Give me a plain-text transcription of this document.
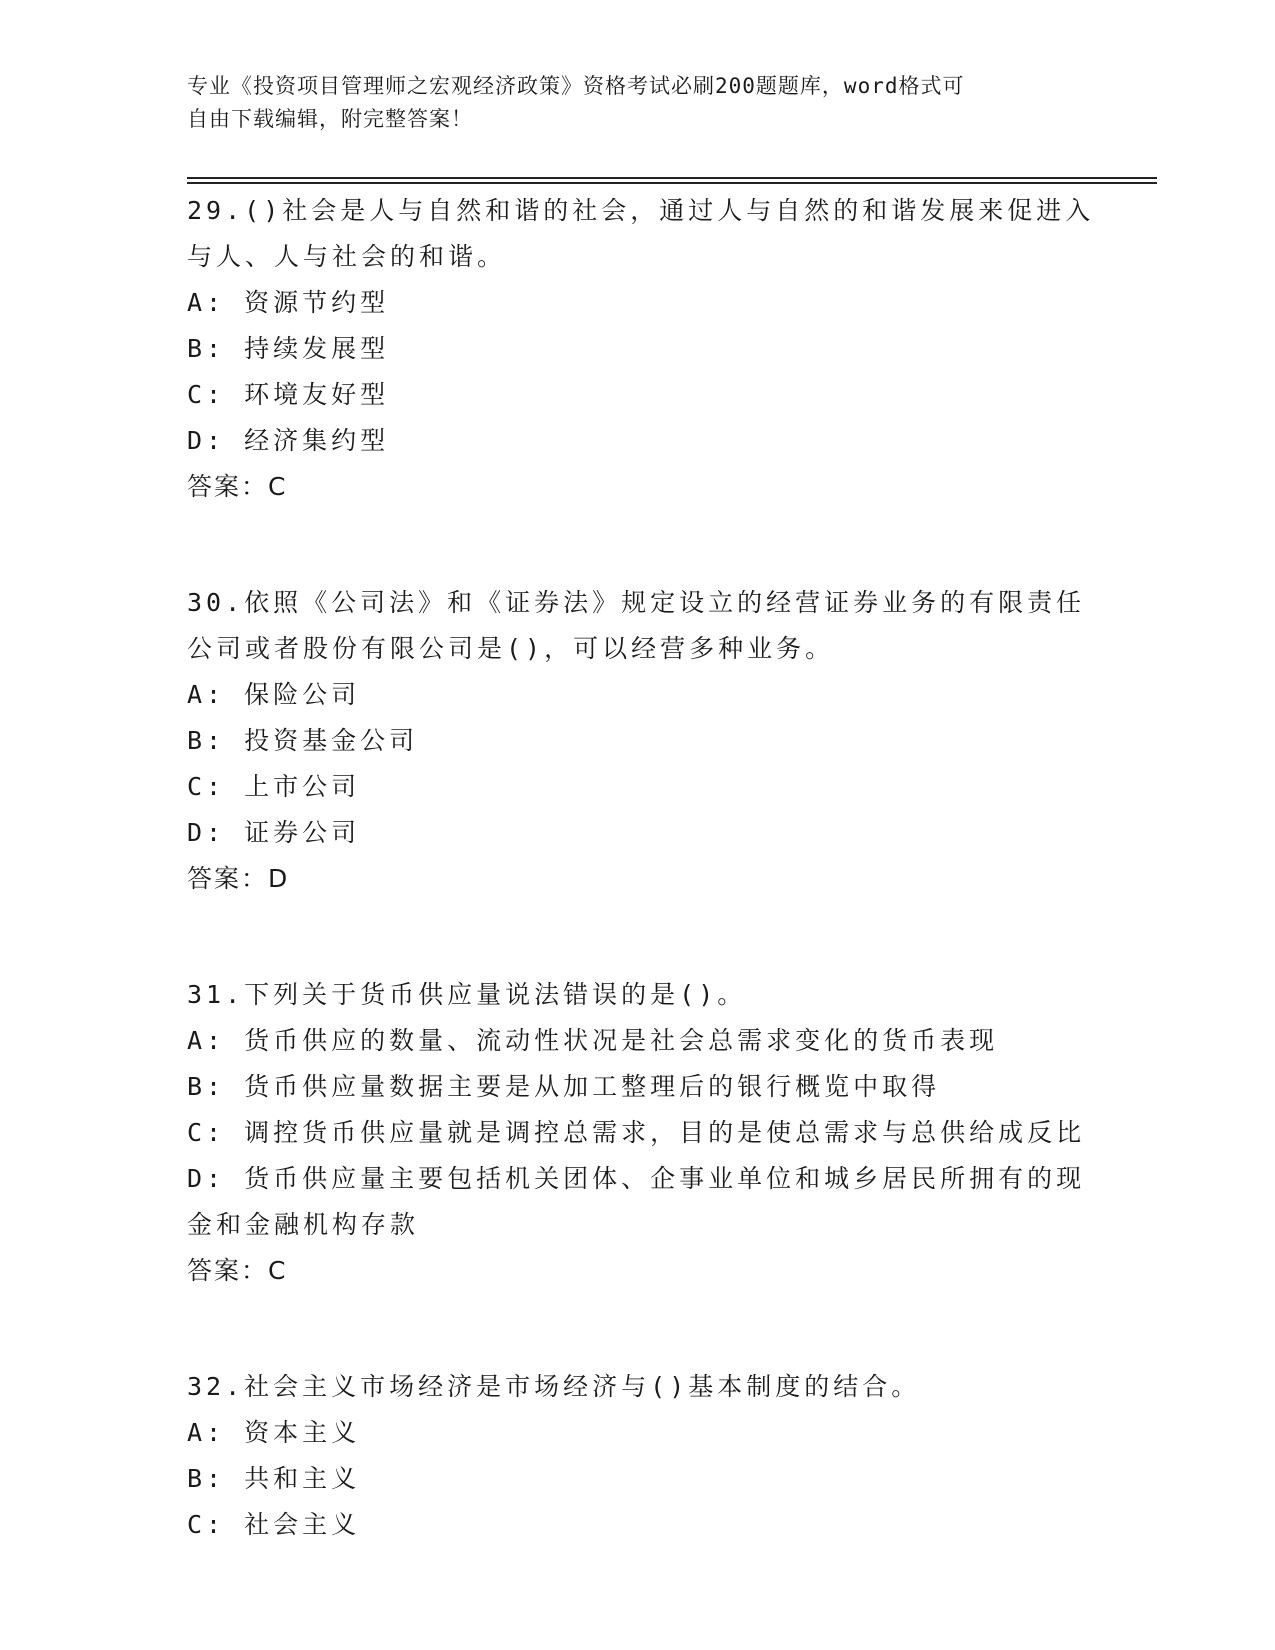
专业《投资项目管理师之宏观经济政策》资格考试必刷200题题库，word格式可
自由下载编辑，附完整答案！
29.()社会是人与自然和谐的社会，通过人与自然的和谐发展来促进入
与人、人与社会的和谐。
A: 资源节约型
B: 持续发展型
C: 环境友好型
D: 经济集约型
答案：C
30.依照《公司法》和《证券法》规定设立的经营证券业务的有限责任
公司或者股份有限公司是()，可以经营多种业务。
A: 保险公司
B: 投资基金公司
C: 上市公司
D: 证券公司
答案：D
31.下列关于货币供应量说法错误的是()。
A: 货币供应的数量、流动性状况是社会总需求变化的货币表现
B: 货币供应量数据主要是从加工整理后的银行概览中取得
C: 调控货币供应量就是调控总需求，目的是使总需求与总供给成反比
D: 货币供应量主要包括机关团体、企事业单位和城乡居民所拥有的现
金和金融机构存款
答案：C
32.社会主义市场经济是市场经济与()基本制度的结合。
A: 资本主义
B: 共和主义
C: 社会主义
